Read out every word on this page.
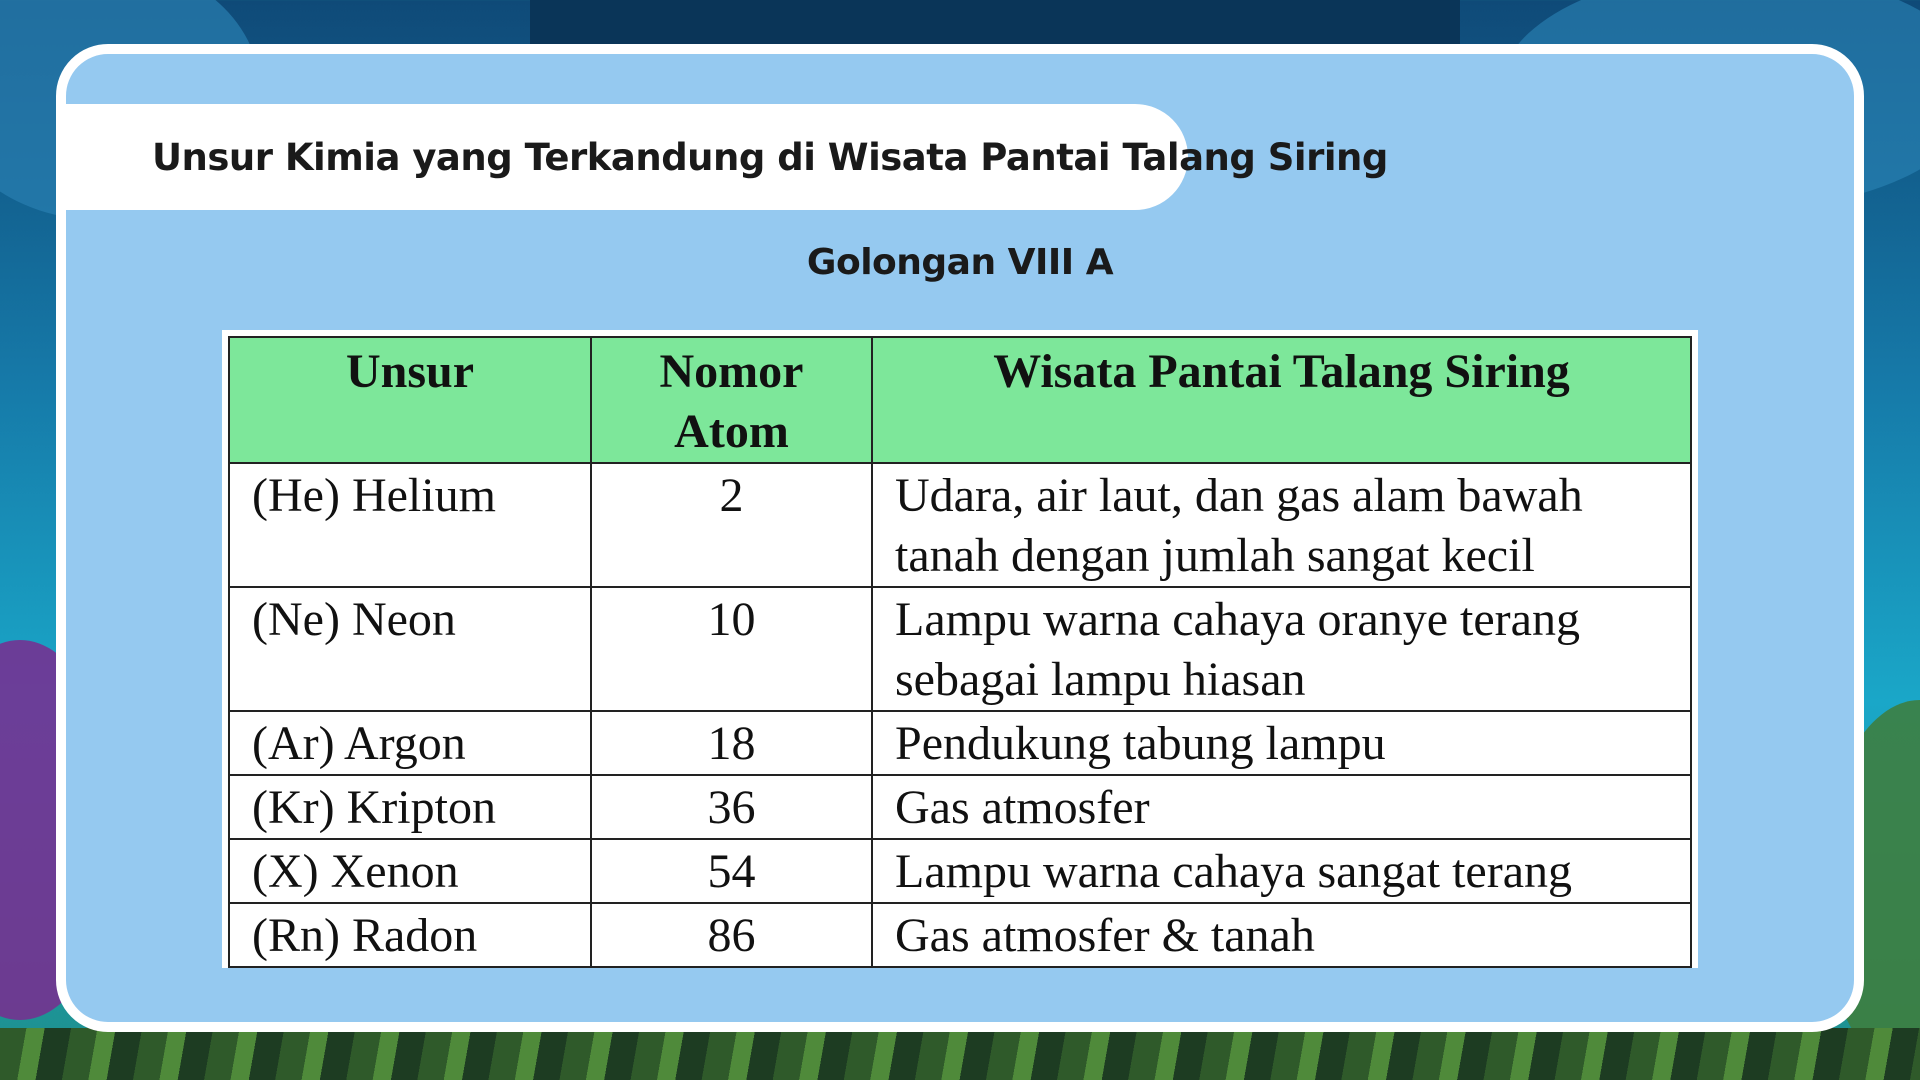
Unsur Kimia yang Terkandung di Wisata Pantai Talang Siring

Golongan VIII A

Unsur	Nomor Atom	Wisata Pantai Talang Siring
(He) Helium	2	Udara, air laut, dan gas alam bawah tanah dengan jumlah sangat kecil
(Ne) Neon	10	Lampu warna cahaya oranye terang sebagai lampu hiasan
(Ar) Argon	18	Pendukung tabung lampu
(Kr) Kripton	36	Gas atmosfer
(X) Xenon	54	Lampu warna cahaya sangat terang
(Rn) Radon	86	Gas atmosfer & tanah
